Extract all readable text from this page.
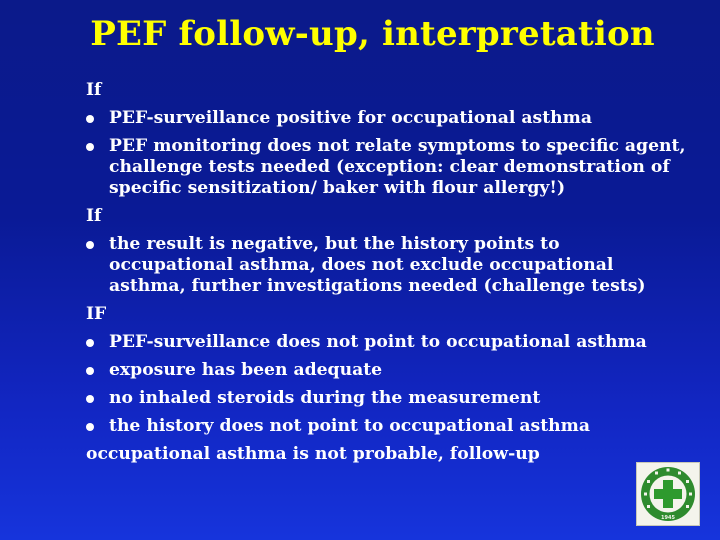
PEF follow-up, interpretation
If
PEF-surveillance positive for occupational asthma
PEF monitoring does not relate symptoms to specific agent, challenge tests needed (exception: clear demonstration of specific sensitization/ baker with flour allergy!)
If
the result is negative, but the history points to occupational asthma, does not exclude occupational asthma, further investigations needed (challenge tests)
IF
PEF-surveillance does not point to occupational asthma
exposure has been adequate
no inhaled steroids during the measurement
the history does not point to occupational asthma
occupational asthma is not probable, follow-up
1945
